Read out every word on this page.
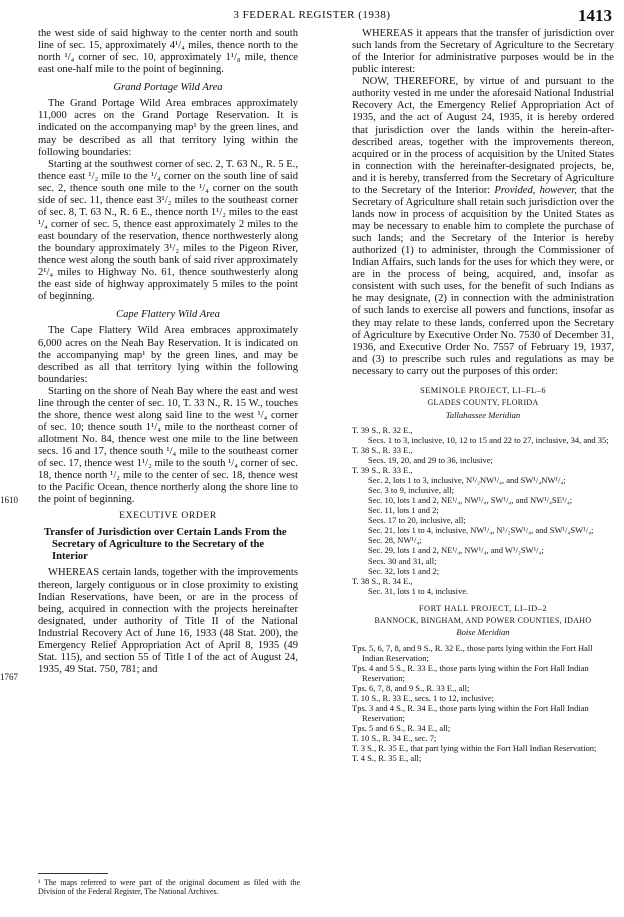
3 FEDERAL REGISTER (1938)	1413
1610
1767

the west side of said highway to the center north and south line of sec. 15, approximately 4¹/₄ miles, thence north to the north ¹/₄ corner of sec. 10, approximately 1¹/₈ mile, thence east one-half mile to the point of beginning.

Grand Portage Wild Area

The Grand Portage Wild Area embraces approximately 11,000 acres on the Grand Portage Reservation. It is indicated on the accompanying map¹ by the green lines, and may be described as all that territory lying within the following boundaries:

Starting at the southwest corner of sec. 2, T. 63 N., R. 5 E., thence east ¹/₂ mile to the ¹/₄ corner on the south line of said sec. 2, thence south one mile to the ¹/₄ corner on the south side of sec. 11, thence east 3¹/₂ miles to the southeast corner of sec. 8, T. 63 N., R. 6 E., thence north 1¹/₂ miles to the east ¹/₄ corner of sec. 5, thence east approximately 2 miles to the east boundary of the reservation, thence northwesterly along the boundary approximately 3¹/₂ miles to the Pigeon River, thence west along the south bank of said river approximately 2¹/₄ miles to Highway No. 61, thence southwesterly along the east side of highway approximately 5 miles to the point of beginning.

Cape Flattery Wild Area

The Cape Flattery Wild Area embraces approximately 6,000 acres on the Neah Bay Reservation. It is indicated on the accompanying map¹ by the green lines, and may be described as all that territory lying within the following boundaries:

Starting on the shore of Neah Bay where the east and west line through the center of sec. 10, T. 33 N., R. 15 W., touches the shore, thence west along said line to the west ¹/₄ corner of sec. 10; thence south 1¹/₄ mile to the northeast corner of allotment No. 84, thence west one mile to the line between secs. 16 and 17, thence south ¹/₄ mile to the southeast corner of sec. 17, thence west 1¹/₂ mile to the south ¹/₄ corner of sec. 18, thence north ¹/₂ mile to the center of sec. 18, thence west to the Pacific Ocean, thence northerly along the shore line to the point of beginning.

EXECUTIVE ORDER

Transfer of Jurisdiction over Certain Lands From the Secretary of Agriculture to the Secretary of the Interior

WHEREAS certain lands, together with the improvements thereon, largely contiguous or in close proximity to existing Indian Reservations, have been, or are in the process of being, acquired in connection with the projects hereinafter designated, under authority of Title II of the National Industrial Recovery Act of June 16, 1933 (48 Stat. 200), the Emergency Relief Appropriation Act of April 8, 1935 (49 Stat. 115), and section 55 of Title I of the act of August 24, 1935, 49 Stat. 750, 781; and

¹ The maps referred to were part of the original document as filed with the Division of the Federal Register, The National Archives.

WHEREAS it appears that the transfer of jurisdiction over such lands from the Secretary of Agriculture to the Secretary of the Interior for administrative purposes would be in the public interest:

NOW, THEREFORE, by virtue of and pursuant to the authority vested in me under the aforesaid National Industrial Recovery Act, the Emergency Relief Appropriation Act of 1935, and the act of August 24, 1935, it is hereby ordered that jurisdiction over the lands within the herein-after-described areas, together with the improvements thereon, acquired or in the process of acquisition by the United States in connection with the hereinafter-designated projects, be, and it is hereby, transferred from the Secretary of Agriculture to the Secretary of the Interior: Provided, however, that the Secretary of Agriculture shall retain such jurisdiction over the lands now in process of acquisition by the United States as may be necessary to enable him to complete the purchase of such lands; and the Secretary of the Interior is hereby authorized (1) to administer, through the Commissioner of Indian Affairs, such lands for the uses for which they were, or are in the process of being, acquired, and, insofar as consistent with such uses, for the benefit of such Indians as he may designate, (2) in connection with the administration of such lands to exercise all powers and functions, insofar as they may relate to these lands, conferred upon the Secretary of Agriculture by Executive Order No. 7530 of December 31, 1936, and Executive Order No. 7557 of February 19, 1937, and (3) to prescribe such rules and regulations as may be necessary to carry out the purposes of this order:

SEMINOLE PROJECT, LI–FL–6
GLADES COUNTY, FLORIDA
Tallahassee Meridian
T. 39 S., R. 32 E.,
Secs. 1 to 3, inclusive, 10, 12 to 15 and 22 to 27, inclusive, 34, and 35;
T. 38 S., R. 33 E.,
Secs. 19, 20, and 29 to 36, inclusive;
T. 39 S., R. 33 E.,
Sec. 2, lots 1 to 3, inclusive, N¹/₂NW¹/₄, and SW¹/₄NW¹/₄;
Sec. 3 to 9, inclusive, all;
Sec. 10, lots 1 and 2, NE¹/₄, NW¹/₄, SW¹/₄, and NW¹/₄SE¹/₄;
Sec. 11, lots 1 and 2;
Secs. 17 to 20, inclusive, all;
Sec. 21, lots 1 to 4, inclusive, NW¹/₄, N¹/₂SW¹/₄, and SW¹/₄SW¹/₄;
Sec. 28, NW¹/₄;
Sec. 29, lots 1 and 2, NE¹/₄, NW¹/₄, and W¹/₂SW¹/₄;
Secs. 30 and 31, all;
Sec. 32, lots 1 and 2;
T. 38 S., R. 34 E.,
Sec. 31, lots 1 to 4, inclusive.
FORT HALL PROJECT, LI–ID–2
BANNOCK, BINGHAM, AND POWER COUNTIES, IDAHO
Boise Meridian
Tps. 5, 6, 7, 8, and 9 S., R. 32 E., those parts lying within the Fort Hall Indian Reservation;
Tps. 4 and 5 S., R. 33 E., those parts lying within the Fort Hall Indian Reservation;
Tps. 6, 7, 8, and 9 S., R. 33 E., all;
T. 10 S., R. 33 E., secs. 1 to 12, inclusive;
Tps. 3 and 4 S., R. 34 E., those parts lying within the Fort Hall Indian Reservation;
Tps. 5 and 6 S., R. 34 E., all;
T. 10 S., R. 34 E., sec. 7;
T. 3 S., R. 35 E., that part lying within the Fort Hall Indian Reservation;
T. 4 S., R. 35 E., all;
